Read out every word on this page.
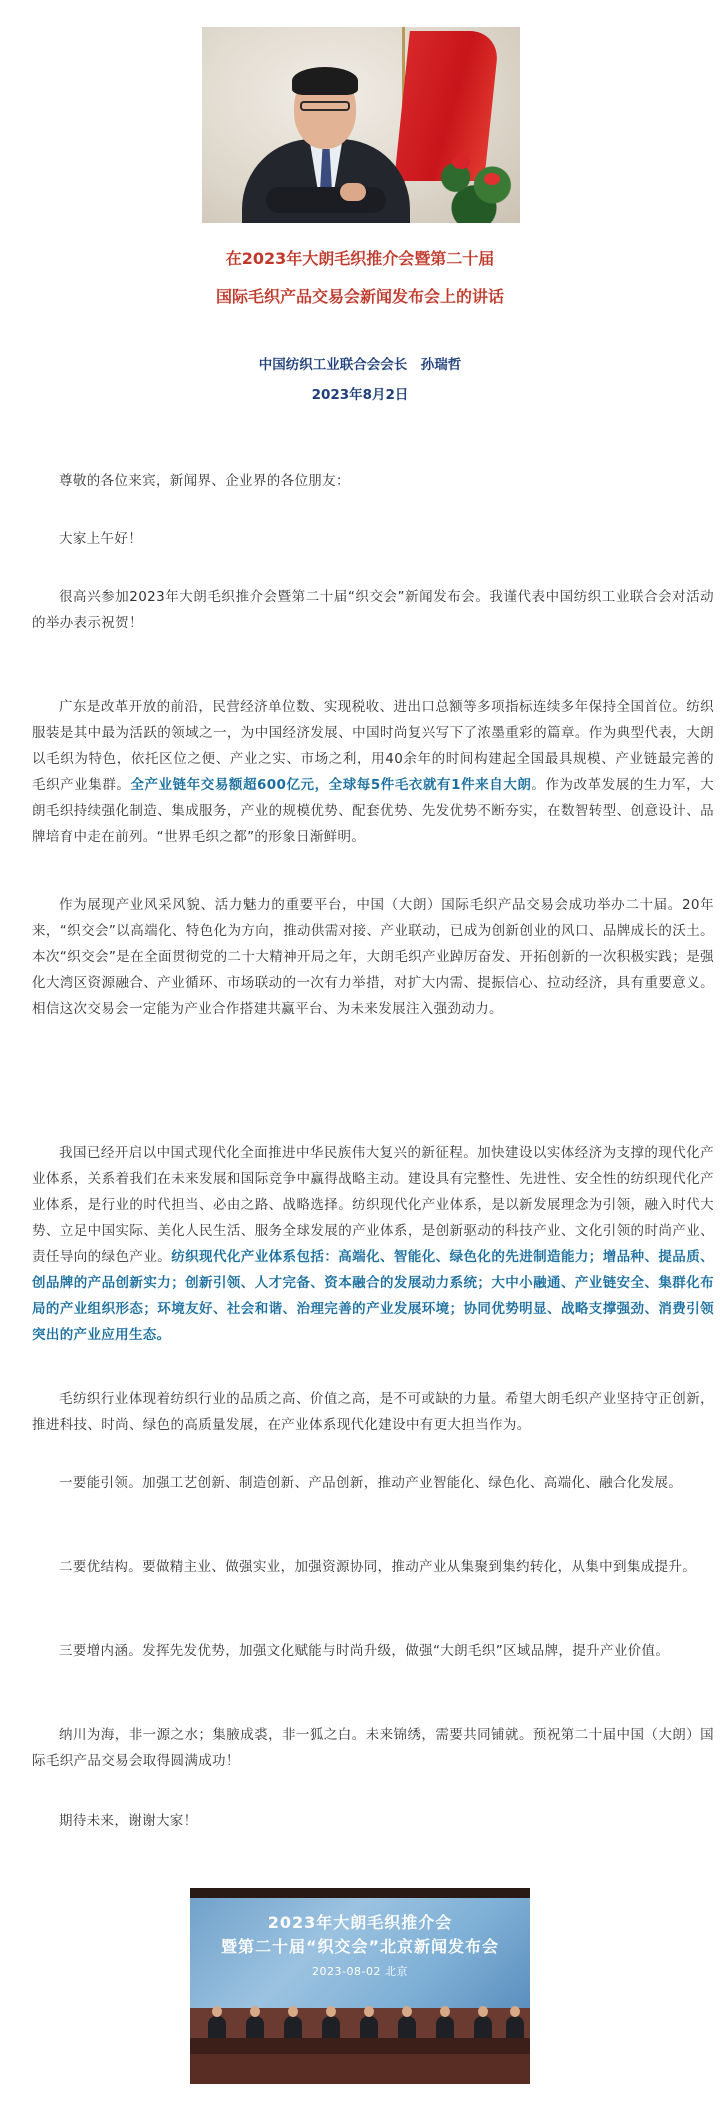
在2023年大朗毛织推介会暨第二十届

国际毛织产品交易会新闻发布会上的讲话

中国纺织工业联合会会长　孙瑞哲

2023年8月2日

尊敬的各位来宾，新闻界、企业界的各位朋友：

大家上午好！

很高兴参加2023年大朗毛织推介会暨第二十届“织交会”新闻发布会。我谨代表中国纺织工业联合会对活动的举办表示祝贺！

广东是改革开放的前沿，民营经济单位数、实现税收、进出口总额等多项指标连续多年保持全国首位。纺织服装是其中最为活跃的领域之一，为中国经济发展、中国时尚复兴写下了浓墨重彩的篇章。作为典型代表，大朗以毛织为特色，依托区位之便、产业之实、市场之利，用40余年的时间构建起全国最具规模、产业链最完善的毛织产业集群。全产业链年交易额超600亿元，全球每5件毛衣就有1件来自大朗。作为改革发展的生力军，大朗毛织持续强化制造、集成服务，产业的规模优势、配套优势、先发优势不断夯实，在数智转型、创意设计、品牌培育中走在前列。“世界毛织之都”的形象日渐鲜明。

作为展现产业风采风貌、活力魅力的重要平台，中国（大朗）国际毛织产品交易会成功举办二十届。20年来，“织交会”以高端化、特色化为方向，推动供需对接、产业联动，已成为创新创业的风口、品牌成长的沃土。本次“织交会”是在全面贯彻党的二十大精神开局之年，大朗毛织产业踔厉奋发、开拓创新的一次积极实践；是强化大湾区资源融合、产业循环、市场联动的一次有力举措，对扩大内需、提振信心、拉动经济，具有重要意义。相信这次交易会一定能为产业合作搭建共赢平台、为未来发展注入强劲动力。

我国已经开启以中国式现代化全面推进中华民族伟大复兴的新征程。加快建设以实体经济为支撑的现代化产业体系，关系着我们在未来发展和国际竞争中赢得战略主动。建设具有完整性、先进性、安全性的纺织现代化产业体系，是行业的时代担当、必由之路、战略选择。纺织现代化产业体系，是以新发展理念为引领，融入时代大势、立足中国实际、美化人民生活、服务全球发展的产业体系，是创新驱动的科技产业、文化引领的时尚产业、责任导向的绿色产业。纺织现代化产业体系包括：高端化、智能化、绿色化的先进制造能力；增品种、提品质、创品牌的产品创新实力；创新引领、人才完备、资本融合的发展动力系统；大中小融通、产业链安全、集群化布局的产业组织形态；环境友好、社会和谐、治理完善的产业发展环境；协同优势明显、战略支撑强劲、消费引领突出的产业应用生态。

毛纺织行业体现着纺织行业的品质之高、价值之高，是不可或缺的力量。希望大朗毛织产业坚持守正创新，推进科技、时尚、绿色的高质量发展，在产业体系现代化建设中有更大担当作为。

一要能引领。加强工艺创新、制造创新、产品创新，推动产业智能化、绿色化、高端化、融合化发展。

二要优结构。要做精主业、做强实业，加强资源协同，推动产业从集聚到集约转化，从集中到集成提升。

三要增内涵。发挥先发优势，加强文化赋能与时尚升级，做强“大朗毛织”区域品牌，提升产业价值。

纳川为海，非一源之水；集腋成裘，非一狐之白。未来锦绣，需要共同铺就。预祝第二十届中国（大朗）国际毛织产品交易会取得圆满成功！

期待未来，谢谢大家！

2023年大朗毛织推介会
暨第二十届“织交会”北京新闻发布会
2023-08-02 北京
